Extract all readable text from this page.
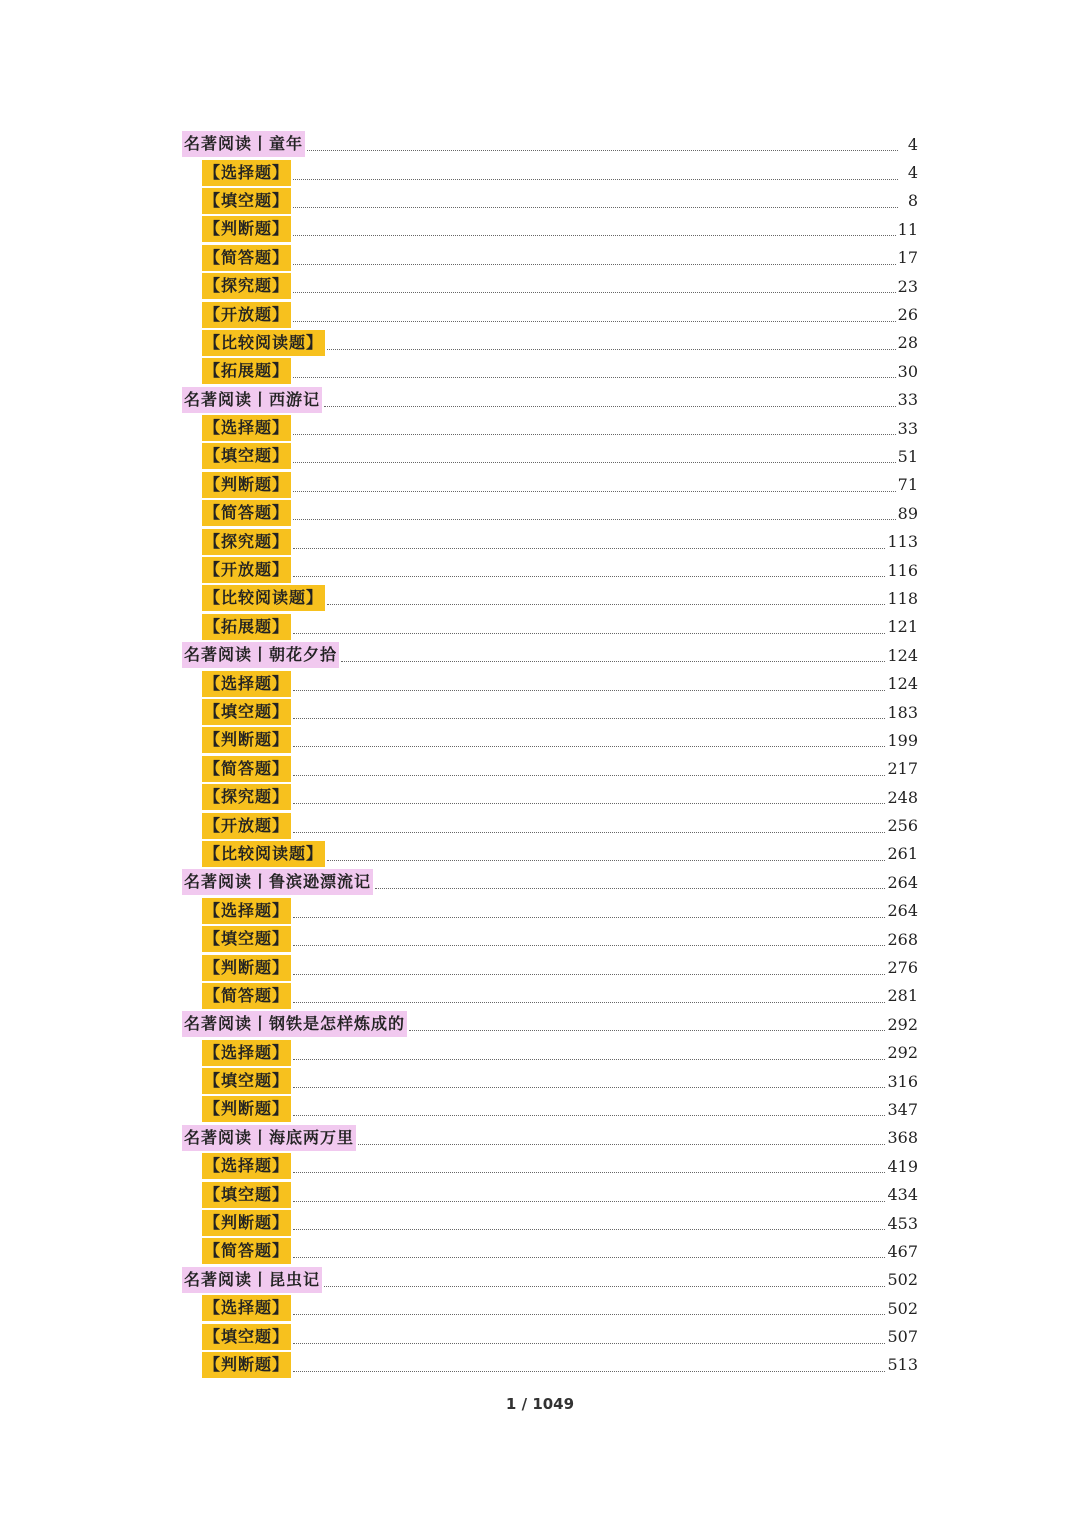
名著阅读丨童年	4
【选择题】	4
【填空题】	8
【判断题】	11
【简答题】	17
【探究题】	23
【开放题】	26
【比较阅读题】	28
【拓展题】	30
名著阅读丨西游记	33
【选择题】	33
【填空题】	51
【判断题】	71
【简答题】	89
【探究题】	113
【开放题】	116
【比较阅读题】	118
【拓展题】	121
名著阅读丨朝花夕拾	124
【选择题】	124
【填空题】	183
【判断题】	199
【简答题】	217
【探究题】	248
【开放题】	256
【比较阅读题】	261
名著阅读丨鲁滨逊漂流记	264
【选择题】	264
【填空题】	268
【判断题】	276
【简答题】	281
名著阅读丨钢铁是怎样炼成的	292
【选择题】	292
【填空题】	316
【判断题】	347
名著阅读丨海底两万里	368
【选择题】	419
【填空题】	434
【判断题】	453
【简答题】	467
名著阅读丨昆虫记	502
【选择题】	502
【填空题】	507
【判断题】	513
1 / 1049
